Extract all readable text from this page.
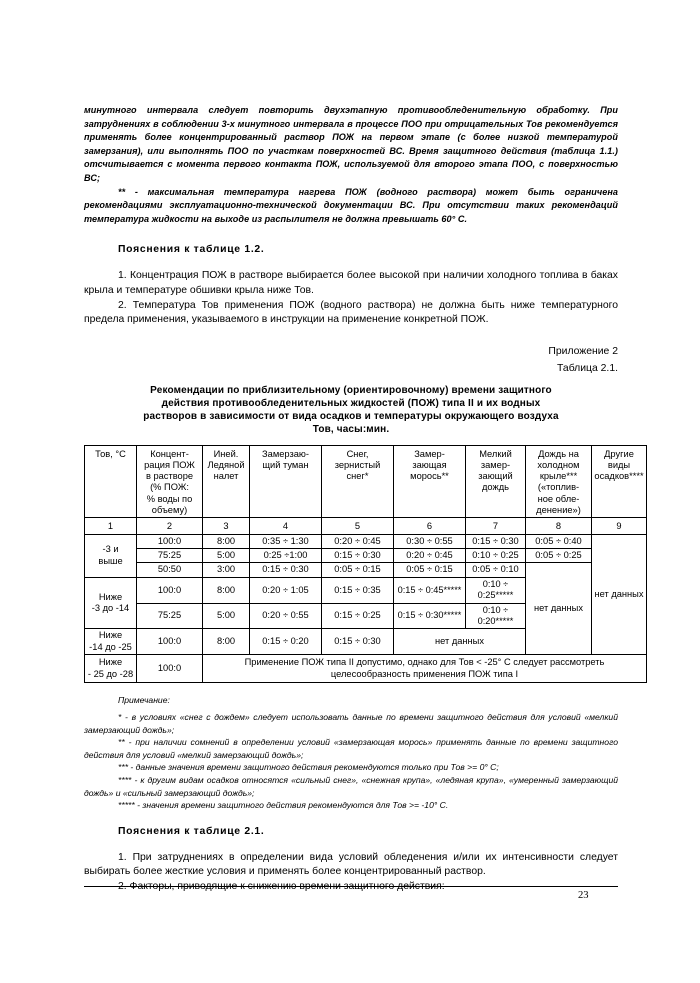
минутного интервала следует повторить двухэтапную противообледенительную обработку. При затруднениях в соблюдении 3-х минутного интервала в процессе ПОО при отрицательных Тов рекомендуется применять более концентрированный раствор ПОЖ на первом этапе (с более низкой температурой замерзания), или выполнять ПОО по участкам поверхностей ВС. Время защитного действия (таблица 1.1.) отсчитывается с момента первого контакта ПОЖ, используемой для второго этапа ПОО, с поверхностью ВС;

** - максимальная температура нагрева ПОЖ (водного раствора) может быть ограничена рекомендациями эксплуатационно-технической документации ВС. При отсутствии таких рекомендаций температура жидкости на выходе из распылителя не должна превышать 60° С.

Пояснения к таблице 1.2.

1. Концентрация ПОЖ в растворе выбирается более высокой при наличии холодного топлива в баках крыла и температуре обшивки крыла ниже Тов.

2. Температура Тов применения ПОЖ (водного раствора) не должна быть ниже температурного предела применения, указываемого в инструкции на применение конкретной ПОЖ.

Приложение 2

Таблица 2.1.

Рекомендации по приблизительному (ориентировочному) времени защитного

действия противообледенительных жидкостей (ПОЖ) типа II и их водных

растворов в зависимости от вида осадков и температуры окружающего воздуха

Тов, часы:мин.

Тов, °С	Концент-
рация ПОЖ
в растворе
(% ПОЖ:
% воды по
объему)	Иней.
Ледяной
налет	Замерзаю-
щий туман	Снег,
зернистый
снег*	Замер-
зающая
морось**	Мелкий
замер-
зающий
дождь	Дождь на
холодном
крыле***
(«топлив-
ное обле-
денение»)	Другие
виды
осадков****
1	2	3	4	5	6	7	8	9
-3 и
выше	100:0	8:00	0:35 ÷ 1:30	0:20 ÷ 0:45	0:30 ÷ 0:55	0:15 ÷ 0:30	0:05 ÷ 0:40	нет данных
	75:25	5:00	0:25 ÷1:00	0:15 ÷ 0:30	0:20 ÷ 0:45	0:10 ÷ 0:25	0:05 ÷ 0:25	
	50:50	3:00	0:15 ÷ 0:30	0:05 ÷ 0:15	0:05 ÷ 0:15	0:05 ÷ 0:10	нет данных	
Ниже
-3 до -14	100:0	8:00	0:20 ÷ 1:05	0:15 ÷ 0:35	0:15 ÷ 0:45*****	0:10 ÷ 0:25*****		
	75:25	5:00	0:20 ÷ 0:55	0:15 ÷ 0:25	0:15 ÷ 0:30*****	0:10 ÷ 0:20*****		
Ниже
-14 до -25	100:0	8:00	0:15 ÷ 0:20	0:15 ÷ 0:30	нет данных			
Ниже
- 25 до -28	100:0	Применение ПОЖ типа II допустимо, однако для Тов < -25° С следует рассмотреть целесообразность применения ПОЖ типа I						

Примечание:

* - в условиях «снег с дождем» следует использовать данные по времени защитного действия для условий «мелкий замерзающий дождь»;

** - при наличии сомнений в определении условий «замерзающая морось» применять данные по времени защитного действия для условий «мелкий замерзающий дождь»;

*** - данные значения времени защитного действия рекомендуются только при Тов >= 0° С;

**** - к другим видам осадков относятся «сильный снег», «снежная крупа», «ледяная крупа», «умеренный замерзающий дождь» и «сильный замерзающий дождь»;

***** - значения времени защитного действия рекомендуются для Тов >= -10° С.

Пояснения к таблице 2.1.

1. При затруднениях в определении вида условий обледенения и/или их интенсивности следует выбирать более жесткие условия и применять более концентрированный раствор.

2. Факторы, приводящие к снижению времени защитного действия:

23
